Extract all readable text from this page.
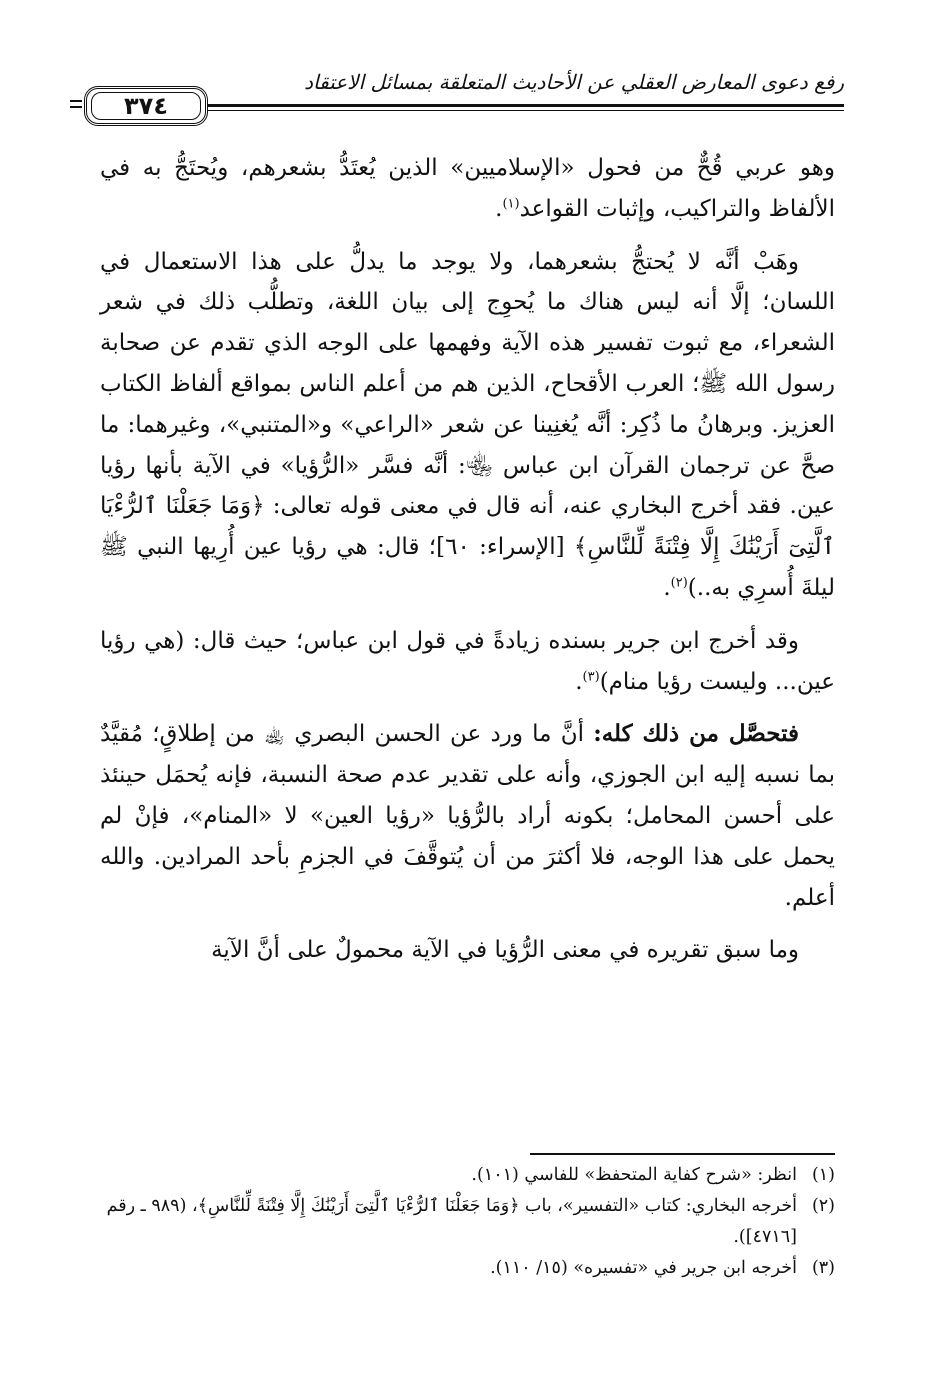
٣٧٤
رفع دعوى المعارض العقلي عن الأحاديث المتعلقة بمسائل الاعتقاد

وهو عربي قُحٌّ من فحول «الإسلاميين» الذين يُعتَدُّ بشعرهم، ويُحتَجُّ به في الألفاظ والتراكيب، وإثبات القواعد$^{(١)}$.

وهَبْ أنَّه لا يُحتجُّ بشعرهما، ولا يوجد ما يدلُّ على هذا الاستعمال في اللسان؛ إلَّا أنه ليس هناك ما يُحوِج إلى بيان اللغة، وتطلُّب ذلك في شعر الشعراء، مع ثبوت تفسير هذه الآية وفهمها على الوجه الذي تقدم عن صحابة رسول الله ﷺ؛ العرب الأقحاح، الذين هم من أعلم الناس بمواقع ألفاظ الكتاب العزيز. وبرهانُ ما ذُكِر: أنَّه يُغنِينا عن شعر «الراعي» و«المتنبي»، وغيرهما: ما صحَّ عن ترجمان القرآن ابن عباس ﵄: أنَّه فسَّر «الرُّؤيا» في الآية بأنها رؤيا عين. فقد أخرج البخاري عنه، أنه قال في معنى قوله تعالى: ﴿وَمَا جَعَلْنَا ٱلرُّءْيَا ٱلَّتِىٓ أَرَيْنَٰكَ إِلَّا فِتْنَةً لِّلنَّاسِ﴾ [الإسراء: ٦٠]؛ قال: هي رؤيا عين أُرِيها النبي ﷺ ليلةَ أُسرِي به..)$^{(٢)}$.

وقد أخرج ابن جرير بسنده زيادةً في قول ابن عباس؛ حيث قال: (هي رؤيا عين... وليست رؤيا منام)$^{(٣)}$.

فتحصَّل من ذلك كله: أنَّ ما ورد عن الحسن البصري ﵀ من إطلاقٍ؛ مُقيَّدٌ بما نسبه إليه ابن الجوزي، وأنه على تقدير عدم صحة النسبة، فإنه يُحمَل حينئذ على أحسن المحامل؛ بكونه أراد بالرُّؤيا «رؤيا العين» لا «المنام»، فإنْ لم يحمل على هذا الوجه، فلا أكثرَ من أن يُتوقَّفَ في الجزمِ بأحد المرادين. والله أعلم.

وما سبق تقريره في معنى الرُّؤيا في الآية محمولٌ على أنَّ الآية

(١)
انظر: «شرح كفاية المتحفظ» للفاسي (١٠١).

(٢)
أخرجه البخاري: كتاب «التفسير»، باب ﴿وَمَا جَعَلْنَا ٱلرُّءْيَا ٱلَّتِىٓ أَرَيْنَٰكَ إِلَّا فِتْنَةً لِّلنَّاسِ﴾، (٩٨٩ ـ رقم [٤٧١٦]).

(٣)
أخرجه ابن جرير في «تفسيره» (١٥/ ١١٠).
